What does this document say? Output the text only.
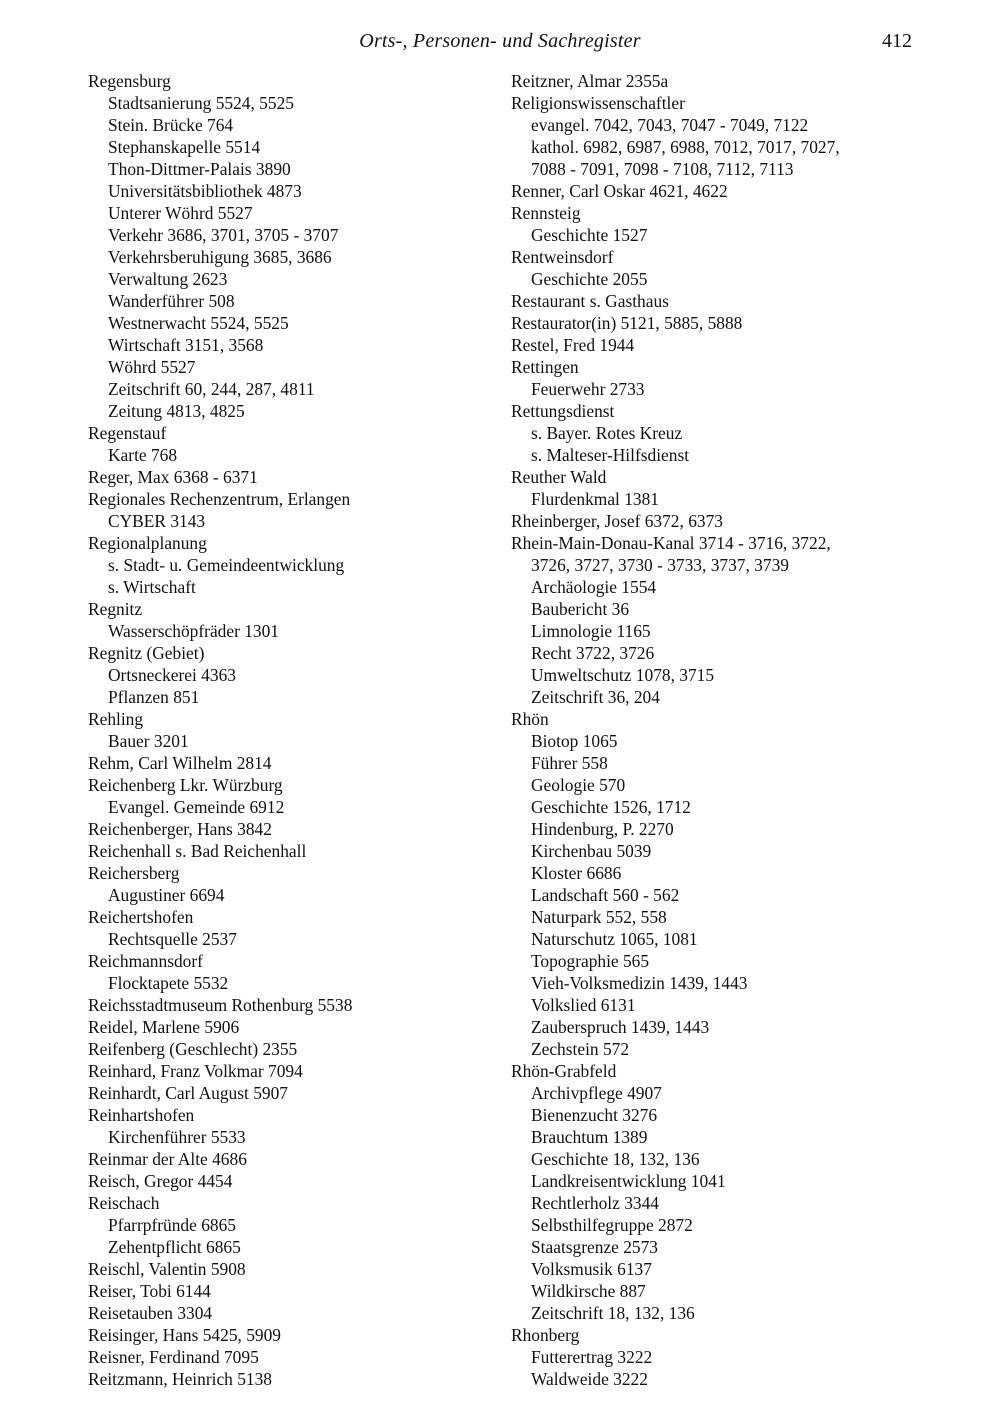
Orts-, Personen- und Sachregister	412
Regensburg
Stadtsanierung 5524, 5525
Stein. Brücke 764
Stephanskapelle 5514
Thon-Dittmer-Palais 3890
Universitätsbibliothek 4873
Unterer Wöhrd 5527
Verkehr 3686, 3701, 3705 - 3707
Verkehrsberuhigung 3685, 3686
Verwaltung 2623
Wanderführer 508
Westnerwacht 5524, 5525
Wirtschaft 3151, 3568
Wöhrd 5527
Zeitschrift 60, 244, 287, 4811
Zeitung 4813, 4825
Regenstauf
Karte 768
Reger, Max 6368 - 6371
Regionales Rechenzentrum, Erlangen
CYBER 3143
Regionalplanung
s. Stadt- u. Gemeindeentwicklung
s. Wirtschaft
Regnitz
Wasserschöpfräder 1301
Regnitz (Gebiet)
Ortsneckerei 4363
Pflanzen 851
Rehling
Bauer 3201
Rehm, Carl Wilhelm 2814
Reichenberg Lkr. Würzburg
Evangel. Gemeinde 6912
Reichenberger, Hans 3842
Reichenhall s. Bad Reichenhall
Reichersberg
Augustiner 6694
Reichertshofen
Rechtsquelle 2537
Reichmannsdorf
Flocktapete 5532
Reichsstadtmuseum Rothenburg 5538
Reidel, Marlene 5906
Reifenberg (Geschlecht) 2355
Reinhard, Franz Volkmar 7094
Reinhardt, Carl August 5907
Reinhartshofen
Kirchenführer 5533
Reinmar der Alte 4686
Reisch, Gregor 4454
Reischach
Pfarrpfründe 6865
Zehentpflicht 6865
Reischl, Valentin 5908
Reiser, Tobi 6144
Reisetauben 3304
Reisinger, Hans 5425, 5909
Reisner, Ferdinand 7095
Reitzmann, Heinrich 5138
Reitzner, Almar 2355a
Religionswissenschaftler
evangel. 7042, 7043, 7047 - 7049, 7122
kathol. 6982, 6987, 6988, 7012, 7017, 7027,
7088 - 7091, 7098 - 7108, 7112, 7113
Renner, Carl Oskar 4621, 4622
Rennsteig
Geschichte 1527
Rentweinsdorf
Geschichte 2055
Restaurant s. Gasthaus
Restaurator(in) 5121, 5885, 5888
Restel, Fred 1944
Rettingen
Feuerwehr 2733
Rettungsdienst
s. Bayer. Rotes Kreuz
s. Malteser-Hilfsdienst
Reuther Wald
Flurdenkmal 1381
Rheinberger, Josef 6372, 6373
Rhein-Main-Donau-Kanal 3714 - 3716, 3722,
3726, 3727, 3730 - 3733, 3737, 3739
Archäologie 1554
Baubericht 36
Limnologie 1165
Recht 3722, 3726
Umweltschutz 1078, 3715
Zeitschrift 36, 204
Rhön
Biotop 1065
Führer 558
Geologie 570
Geschichte 1526, 1712
Hindenburg, P. 2270
Kirchenbau 5039
Kloster 6686
Landschaft 560 - 562
Naturpark 552, 558
Naturschutz 1065, 1081
Topographie 565
Vieh-Volksmedizin 1439, 1443
Volkslied 6131
Zauberspruch 1439, 1443
Zechstein 572
Rhön-Grabfeld
Archivpflege 4907
Bienenzucht 3276
Brauchtum 1389
Geschichte 18, 132, 136
Landkreisentwicklung 1041
Rechtlerholz 3344
Selbsthilfegruppe 2872
Staatsgrenze 2573
Volksmusik 6137
Wildkirsche 887
Zeitschrift 18, 132, 136
Rhonberg
Futterertrag 3222
Waldweide 3222
